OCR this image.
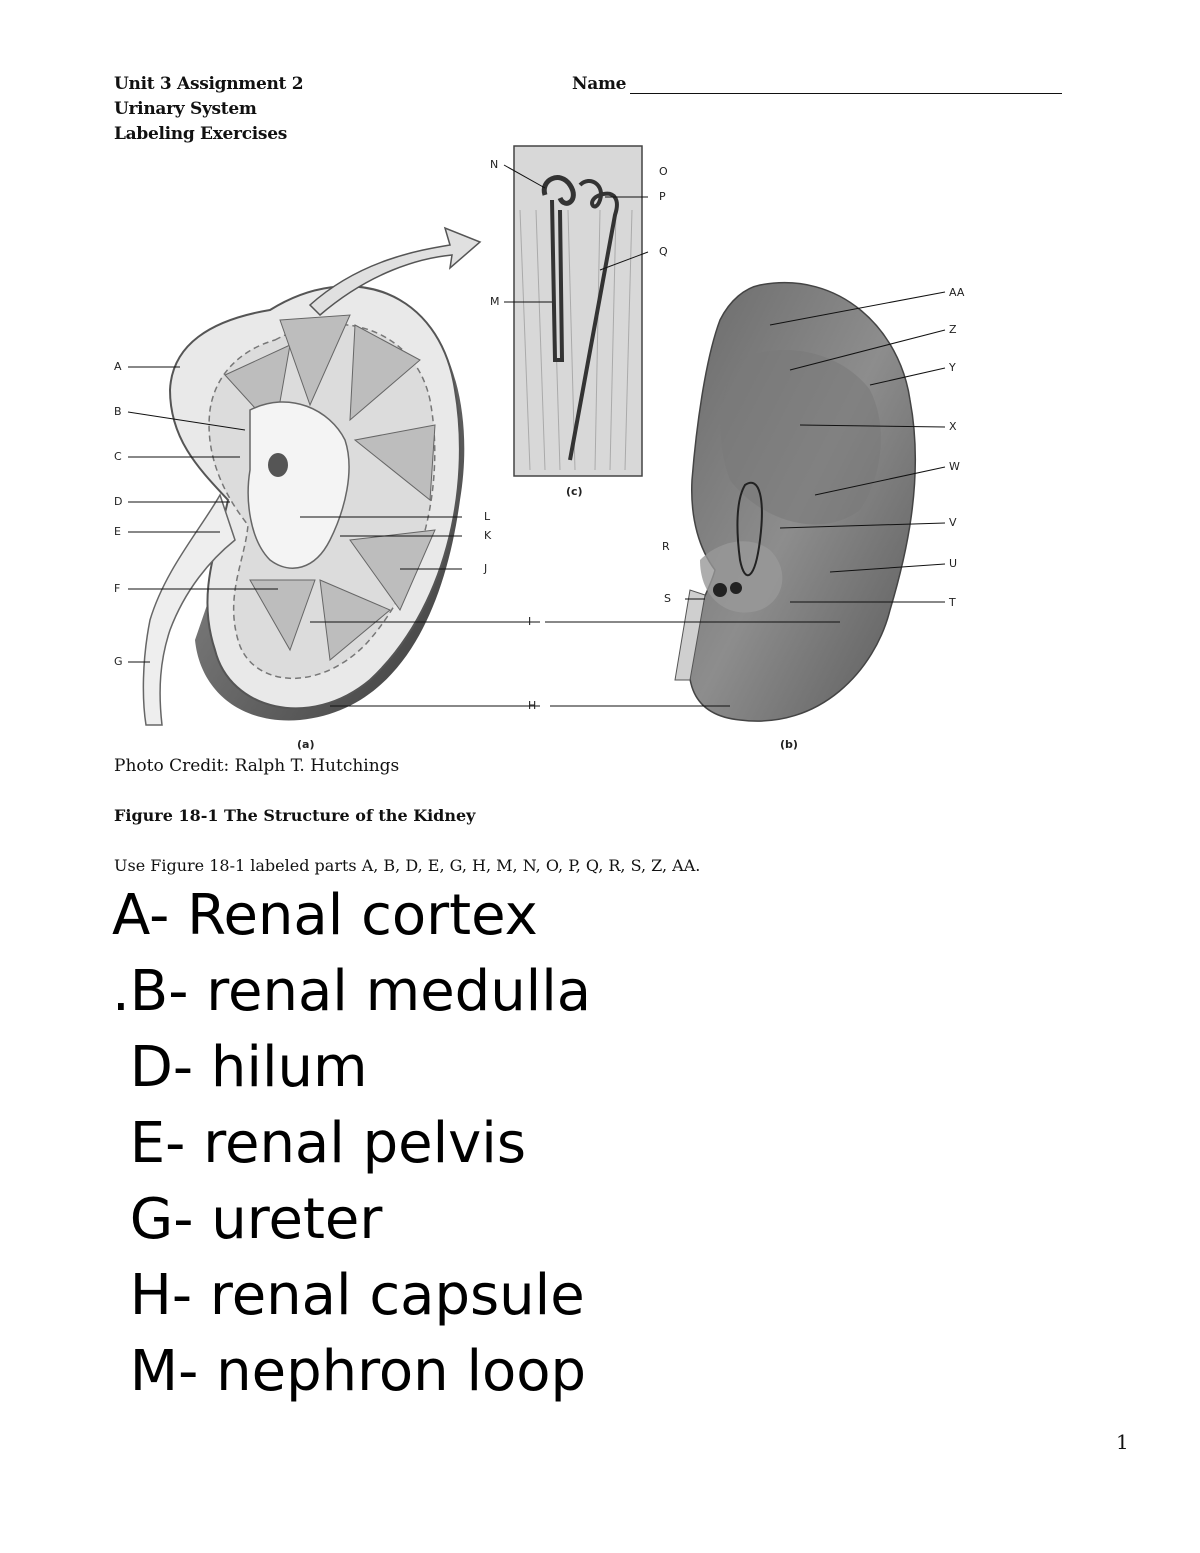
Unit 3 Assignment 2
Urinary System
Labeling Exercises
Name
A
B
C
D
E
F
G
H
I
J
K
L
N
O
P
Q
M
AA
Z
Y
X
W
V
U
T
R
S
(a)	(b)
(c)
Photo Credit: Ralph T. Hutchings
Figure 18-1 The Structure of the Kidney
Use Figure 18-1 labeled parts A, B, D, E, G, H, M, N, O, P, Q, R, S, Z, AA.
A- Renal cortex
.B- renal medulla
D- hilum
E- renal pelvis
G- ureter
H- renal capsule
M- nephron loop
1
